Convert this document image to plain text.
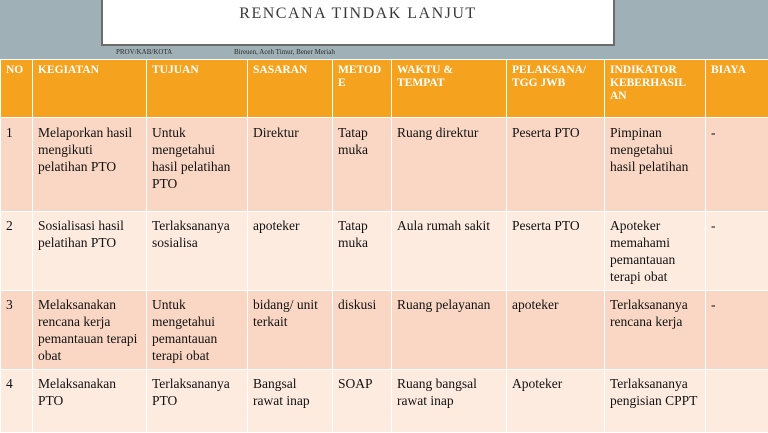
RENCANA TINDAK LANJUT
PROV/KAB/KOTA	Bireuen, Aceh Timur, Bener Meriah
NO	KEGIATAN	TUJUAN	SASARAN	METOD E	WAKTU & TEMPAT	PELAKSANA/ TGG JWB	INDIKATOR KEBERHASIL AN	BIAYA
1	Melaporkan hasil mengikuti pelatihan PTO	Untuk mengetahui hasil pelatihan PTO	Direktur	Tatap muka	Ruang direktur	Peserta PTO	Pimpinan mengetahui hasil pelatihan	-
2	Sosialisasi hasil pelatihan PTO	Terlaksananya sosialisa	apoteker	Tatap muka	Aula rumah sakit	Peserta PTO	Apoteker memahami pemantauan terapi obat	-
3	Melaksanakan rencana kerja pemantauan terapi obat	Untuk mengetahui pemantauan terapi obat	bidang/ unit terkait	diskusi	Ruang pelayanan	apoteker	Terlaksananya rencana kerja	-
4	Melaksanakan PTO	Terlaksananya PTO	Bangsal rawat inap	SOAP	Ruang bangsal rawat inap	Apoteker	Terlaksananya pengisian CPPT	
